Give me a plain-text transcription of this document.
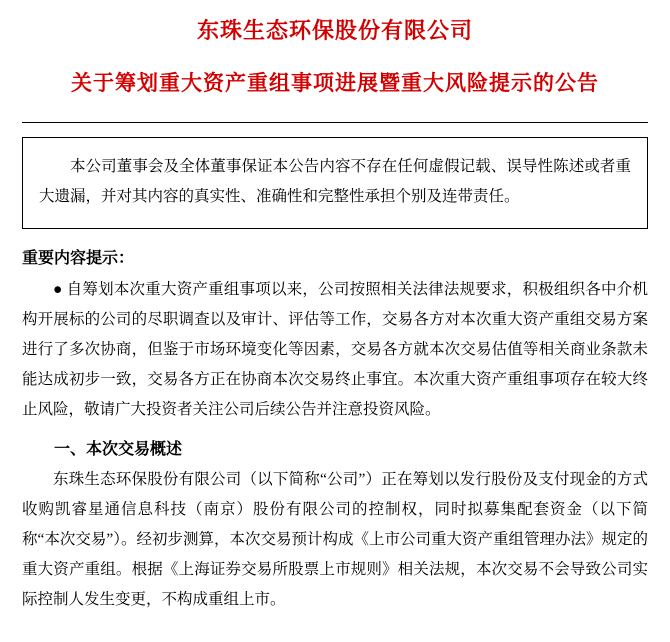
东珠生态环保股份有限公司
关于筹划重大资产重组事项进展暨重大风险提示的公告

本公司董事会及全体董事保证本公告内容不存在任何虚假记载、误导性陈述或者重大遗漏，并对其内容的真实性、准确性和完整性承担个别及连带责任。

重要内容提示：

● 自筹划本次重大资产重组事项以来，公司按照相关法律法规要求，积极组织各中介机构开展标的公司的尽职调查以及审计、评估等工作，交易各方对本次重大资产重组交易方案进行了多次协商，但鉴于市场环境变化等因素，交易各方就本次交易估值等相关商业条款未能达成初步一致，交易各方正在协商本次交易终止事宜。本次重大资产重组事项存在较大终止风险，敬请广大投资者关注公司后续公告并注意投资风险。

一、本次交易概述

东珠生态环保股份有限公司（以下简称“公司”）正在筹划以发行股份及支付现金的方式收购凯睿星通信息科技（南京）股份有限公司的控制权，同时拟募集配套资金（以下简称“本次交易”）。经初步测算，本次交易预计构成《上市公司重大资产重组管理办法》规定的重大资产重组。根据《上海证券交易所股票上市规则》相关法规，本次交易不会导致公司实际控制人发生变更，不构成重组上市。
